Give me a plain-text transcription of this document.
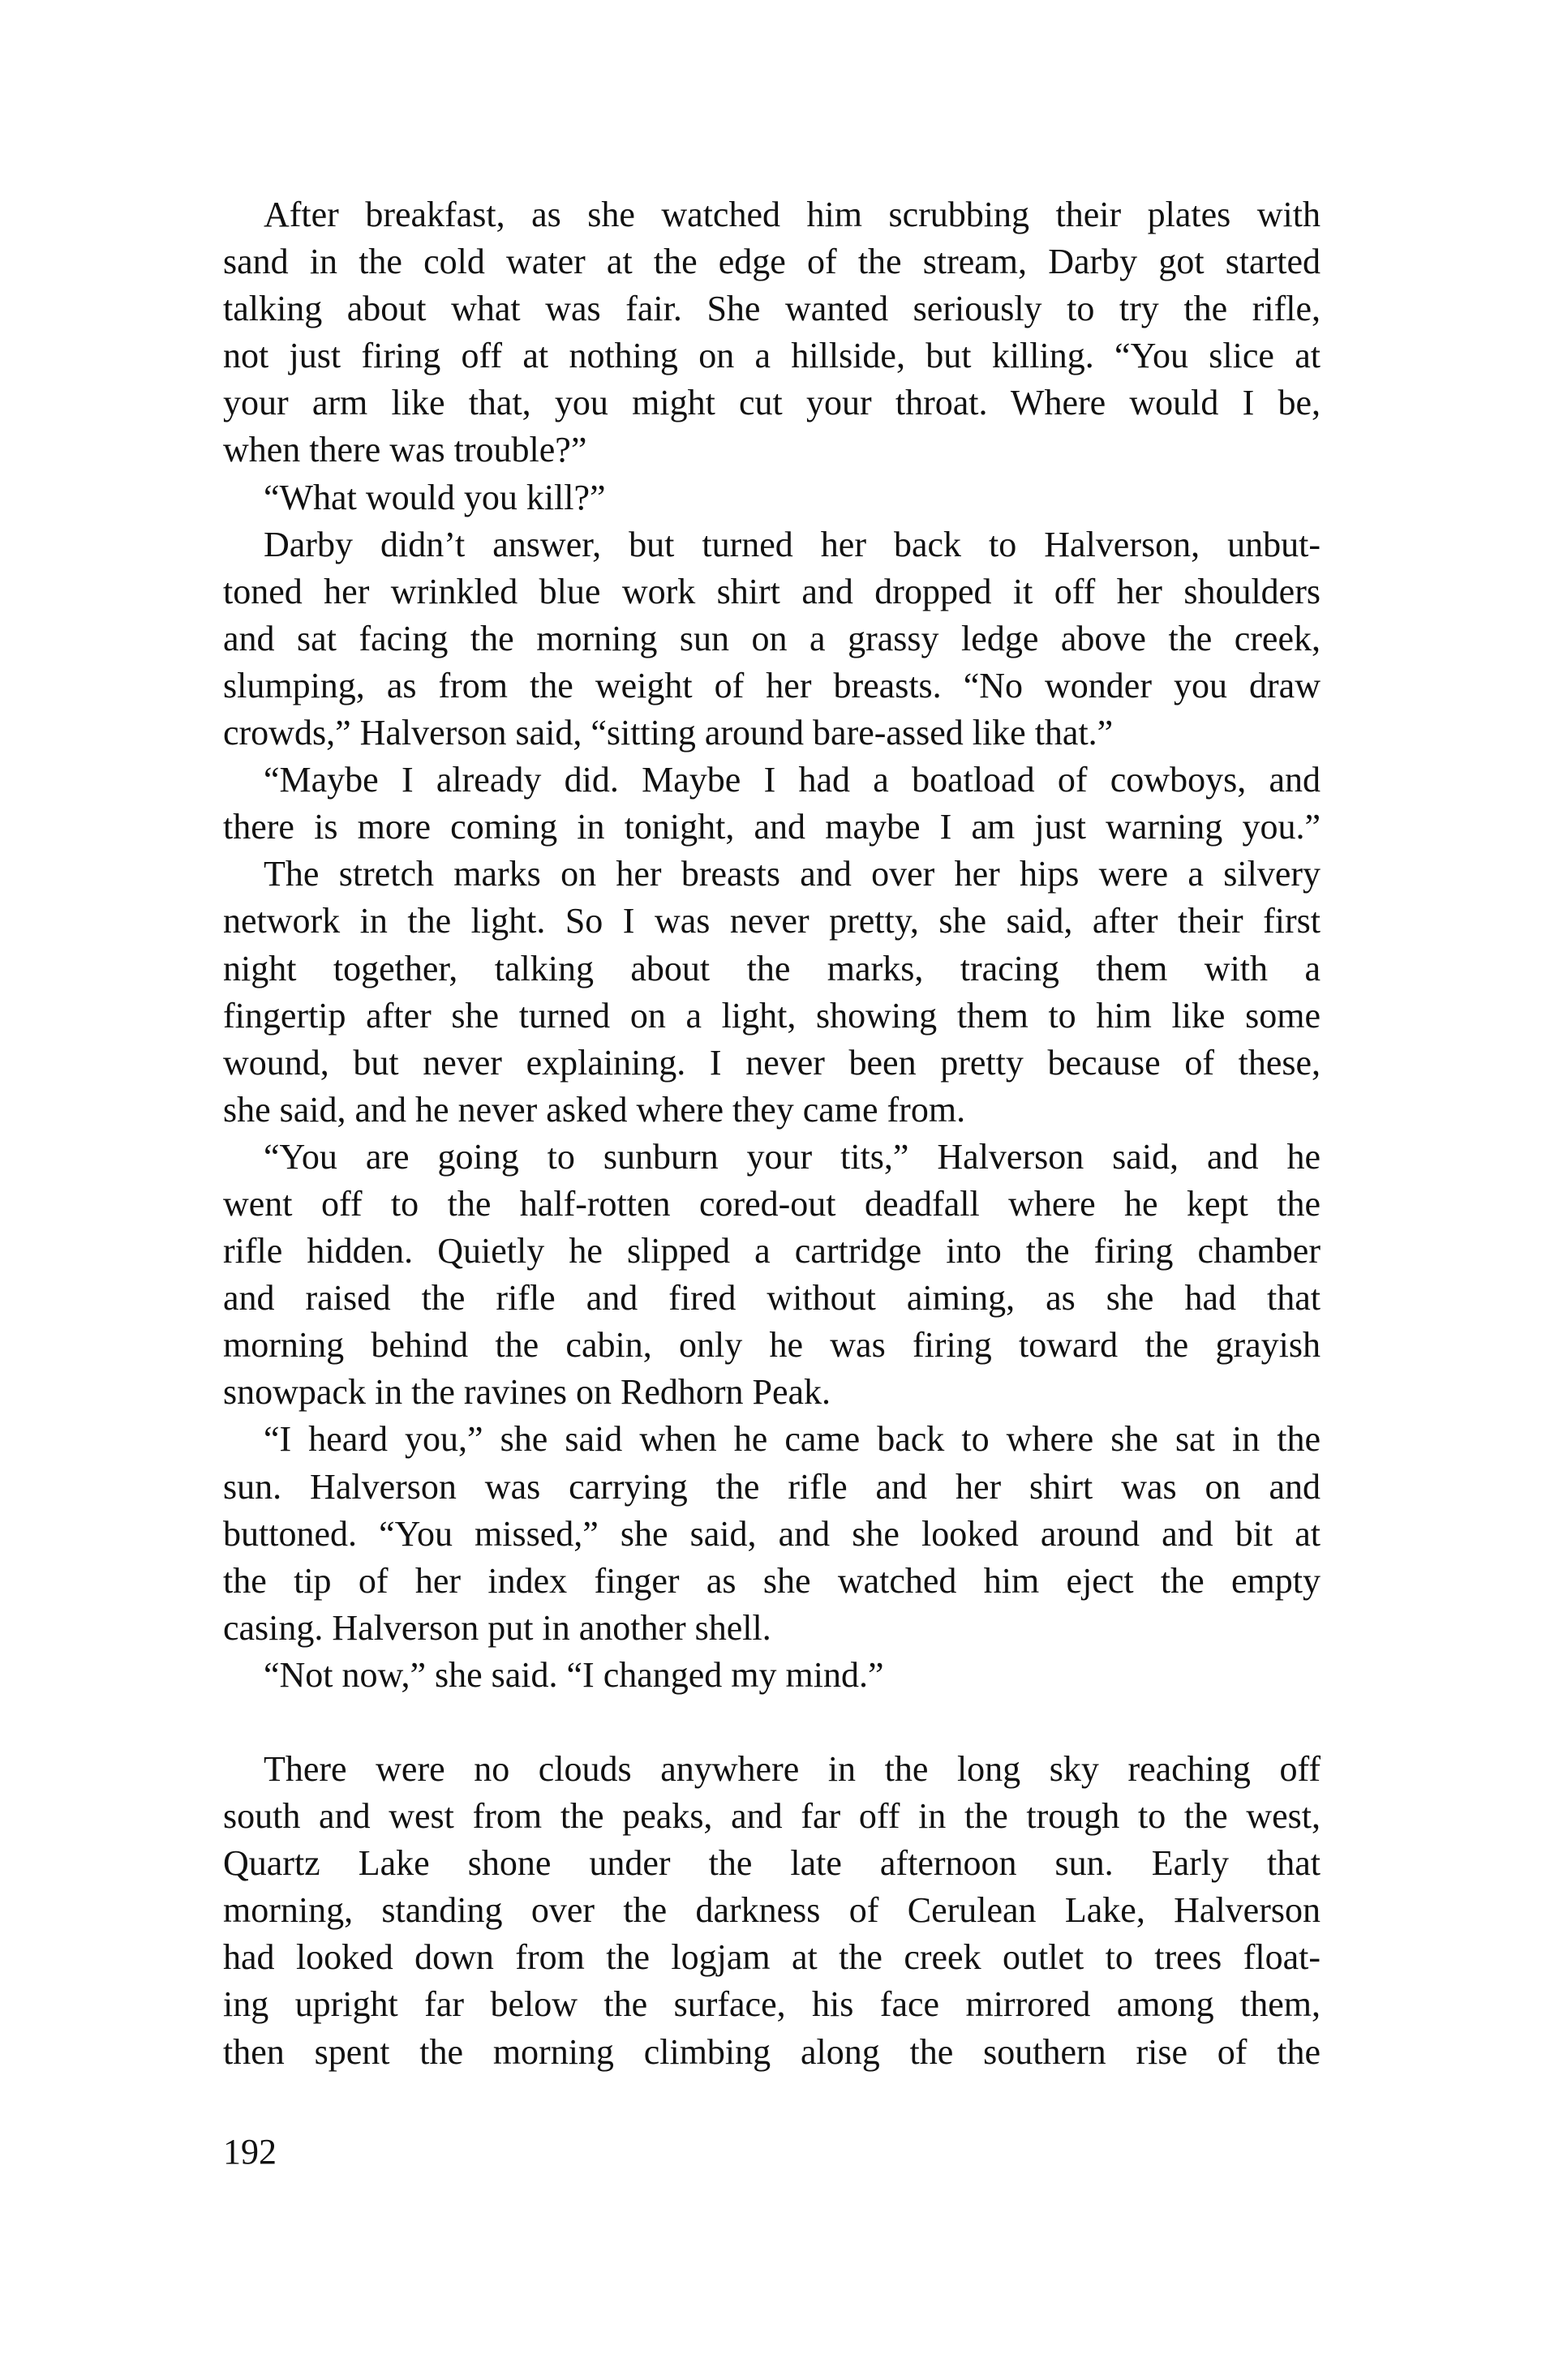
After breakfast, as she watched him scrubbing their plates with
sand in the cold water at the edge of the stream, Darby got started
talking about what was fair. She wanted seriously to try the rifle,
not just firing off at nothing on a hillside, but killing. “You slice at
your arm like that, you might cut your throat. Where would I be,
when there was trouble?”
“What would you kill?”
Darby didn’t answer, but turned her back to Halverson, unbut-
toned her wrinkled blue work shirt and dropped it off her shoulders
and sat facing the morning sun on a grassy ledge above the creek,
slumping, as from the weight of her breasts. “No wonder you draw
crowds,” Halverson said, “sitting around bare-assed like that.”
“Maybe I already did. Maybe I had a boatload of cowboys, and
there is more coming in tonight, and maybe I am just warning you.”
The stretch marks on her breasts and over her hips were a silvery
network in the light. So I was never pretty, she said, after their first
night together, talking about the marks, tracing them with a
fingertip after she turned on a light, showing them to him like some
wound, but never explaining. I never been pretty because of these,
she said, and he never asked where they came from.
“You are going to sunburn your tits,” Halverson said, and he
went off to the half-rotten cored-out deadfall where he kept the
rifle hidden. Quietly he slipped a cartridge into the firing chamber
and raised the rifle and fired without aiming, as she had that
morning behind the cabin, only he was firing toward the grayish
snowpack in the ravines on Redhorn Peak.
“I heard you,” she said when he came back to where she sat in the
sun. Halverson was carrying the rifle and her shirt was on and
buttoned. “You missed,” she said, and she looked around and bit at
the tip of her index finger as she watched him eject the empty
casing. Halverson put in another shell.
“Not now,” she said. “I changed my mind.”
There were no clouds anywhere in the long sky reaching off
south and west from the peaks, and far off in the trough to the west,
Quartz Lake shone under the late afternoon sun. Early that
morning, standing over the darkness of Cerulean Lake, Halverson
had looked down from the logjam at the creek outlet to trees float-
ing upright far below the surface, his face mirrored among them,
then spent the morning climbing along the southern rise of the
192
